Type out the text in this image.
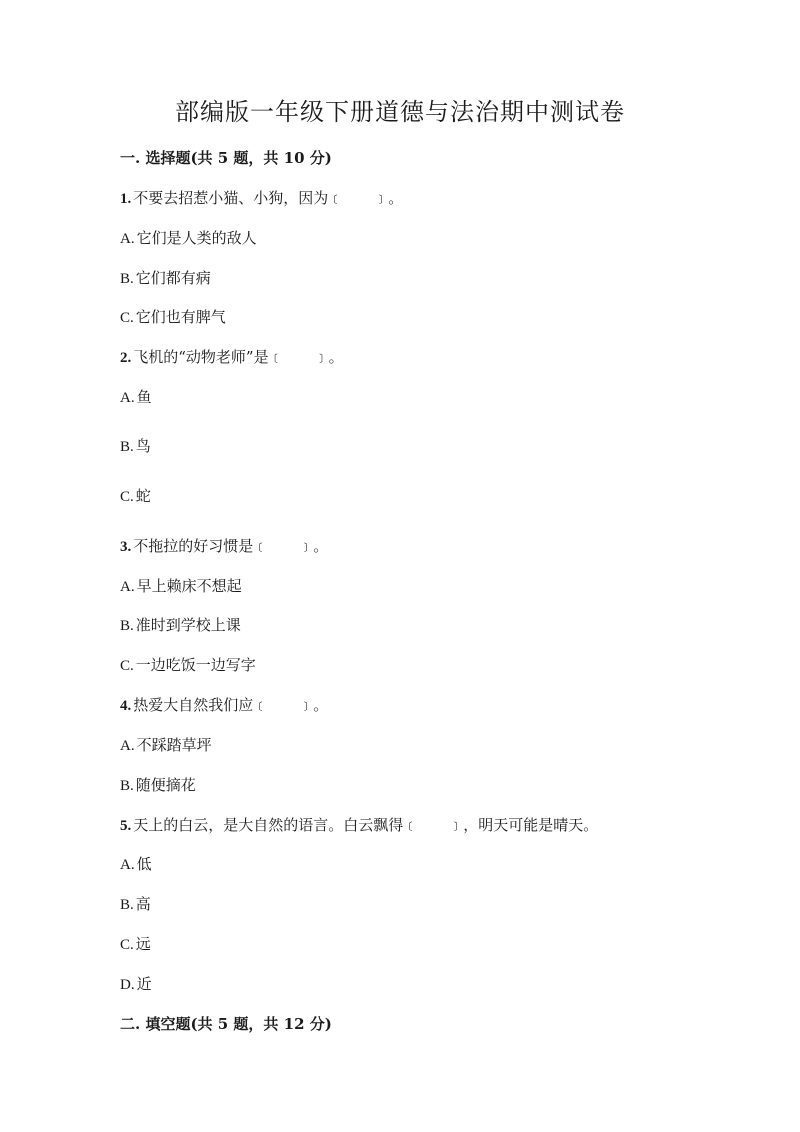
部编版一年级下册道德与法治期中测试卷
一. 选择题(共 5 题，共 10 分)
1. 不要去招惹小猫、小狗，因为﹝　　﹞。
A. 它们是人类的敌人
B. 它们都有病
C. 它们也有脾气
2. 飞机的“动物老师”是﹝　　﹞。
A. 鱼
B. 鸟
C. 蛇
3. 不拖拉的好习惯是﹝　　﹞。
A. 早上赖床不想起
B. 准时到学校上课
C. 一边吃饭一边写字
4. 热爱大自然我们应﹝　　﹞。
A. 不踩踏草坪
B. 随便摘花
5. 天上的白云，是大自然的语言。白云飘得﹝　　﹞，明天可能是晴天。
A. 低
B. 高
C. 远
D. 近
二. 填空题(共 5 题，共 12 分)
